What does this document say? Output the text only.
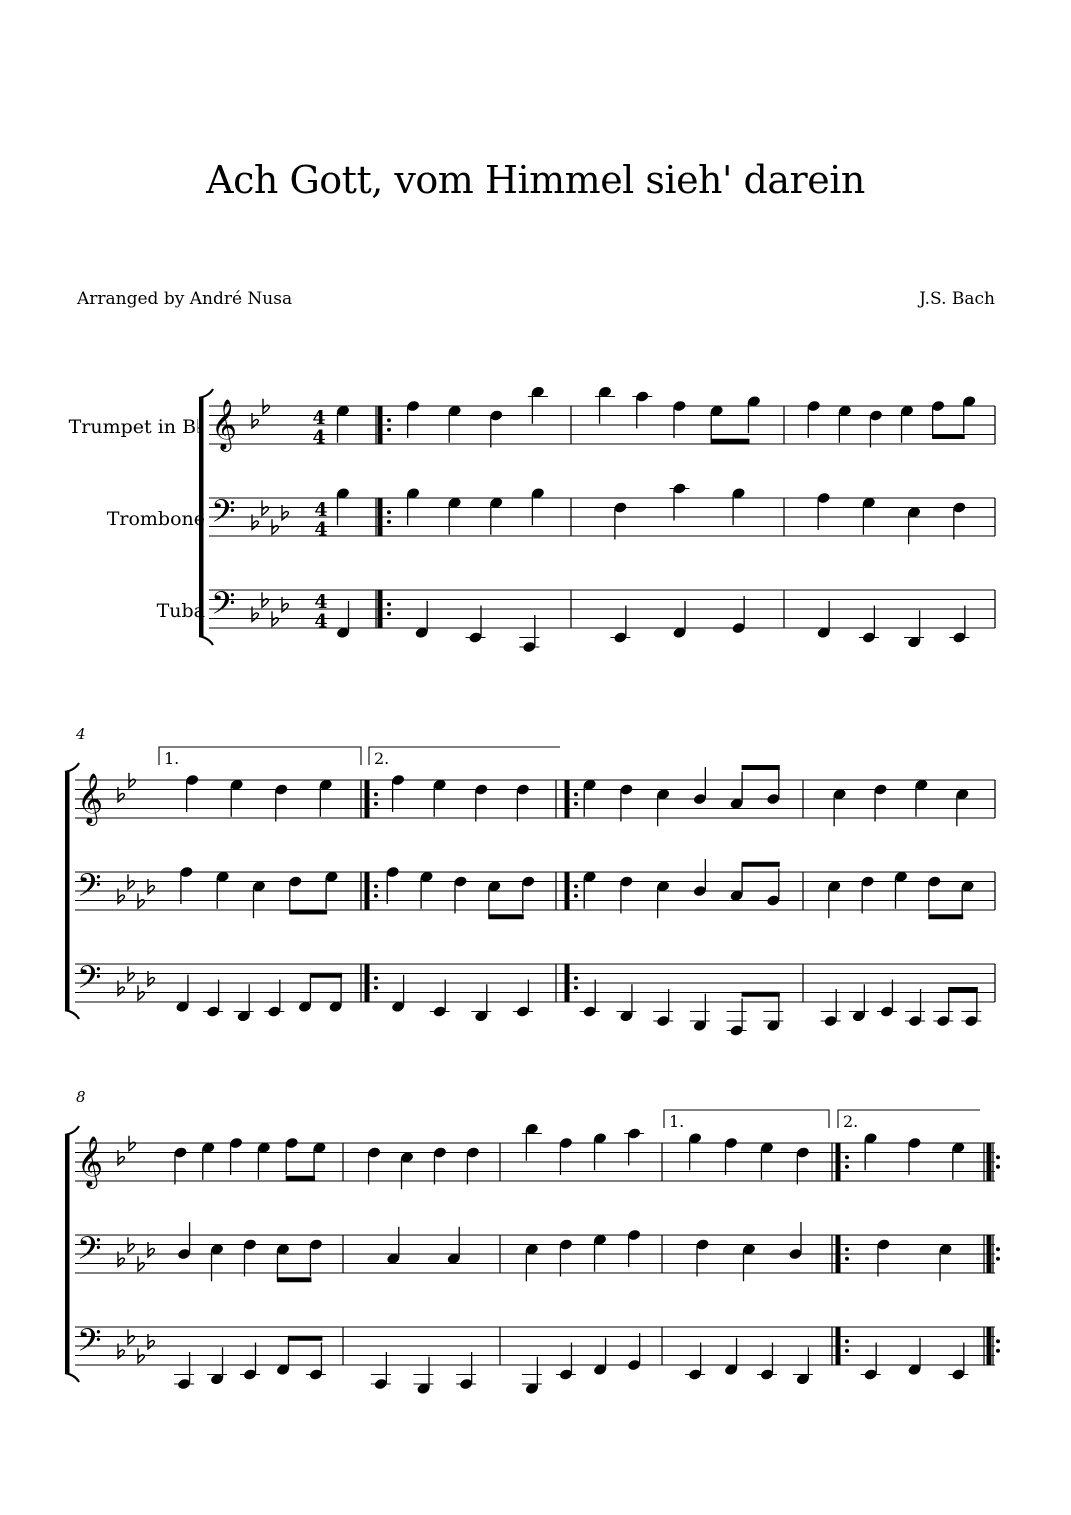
Ach Gott, vom Himmel sieh' darein
Arranged by André Nusa	J.S. Bach
𝄞	4
4
𝄢	4
4
𝄢	4
4
Trumpet in B♭
Trombone
Tuba
𝄞
𝄢
𝄢
1.	2.
4
𝄞
𝄢
𝄢
1.	2.
8
